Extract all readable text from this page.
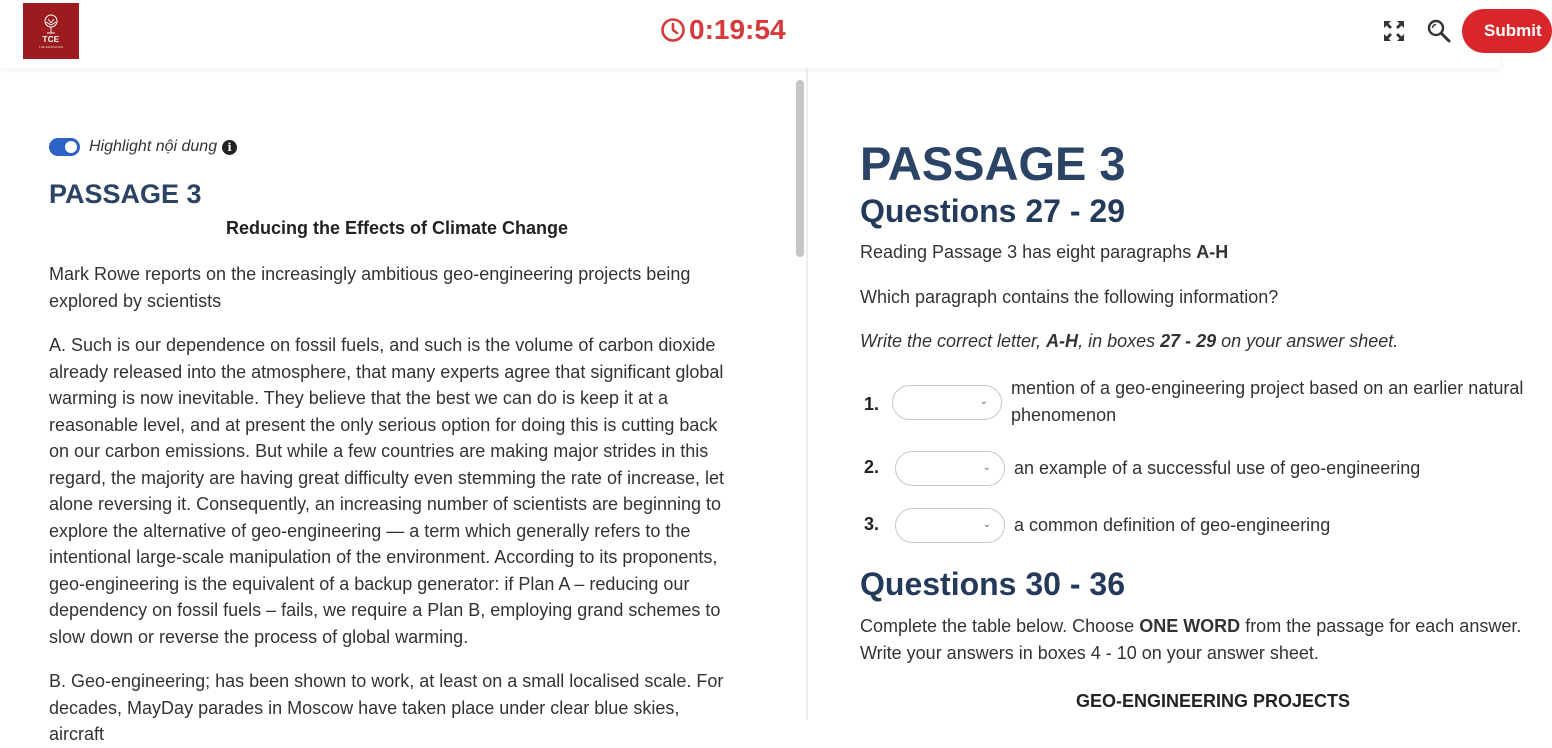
TCE
THE EDUCATION
0:19:54	Submit
Highlight nội dung i
PASSAGE 3
Reducing the Effects of Climate Change
Mark Rowe reports on the increasingly ambitious geo-engineering projects being explored by scientists
A. Such is our dependence on fossil fuels, and such is the volume of carbon dioxide already released into the atmosphere, that many experts agree that significant global warming is now inevitable. They believe that the best we can do is keep it at a reasonable level, and at present the only serious option for doing this is cutting back on our carbon emissions. But while a few countries are making major strides in this regard, the majority are having great difficulty even stemming the rate of increase, let alone reversing it. Consequently, an increasing number of scientists are beginning to explore the alternative of geo-engineering — a term which generally refers to the intentional large-scale manipulation of the environment. According to its proponents, geo-engineering is the equivalent of a backup generator: if Plan A – reducing our dependency on fossil fuels – fails, we require a Plan B, employing grand schemes to slow down or reverse the process of global warming.
B. Geo-engineering; has been shown to work, at least on a small localised scale. For decades, MayDay parades in Moscow have taken place under clear blue skies, aircraft
PASSAGE 3
Questions 27 - 29
Reading Passage 3 has eight paragraphs A-H
Which paragraph contains the following information?
Write the correct letter, A-H, in boxes 27 - 29 on your answer sheet.
1.	⌄
mention of a geo-engineering project based on an earlier natural
phenomenon
2.	⌄ an example of a successful use of geo-engineering
3.	⌄ a common definition of geo-engineering
Questions 30 - 36
Complete the table below. Choose ONE WORD from the passage for each answer.
Write your answers in boxes 4 - 10 on your answer sheet.
GEO-ENGINEERING PROJECTS
